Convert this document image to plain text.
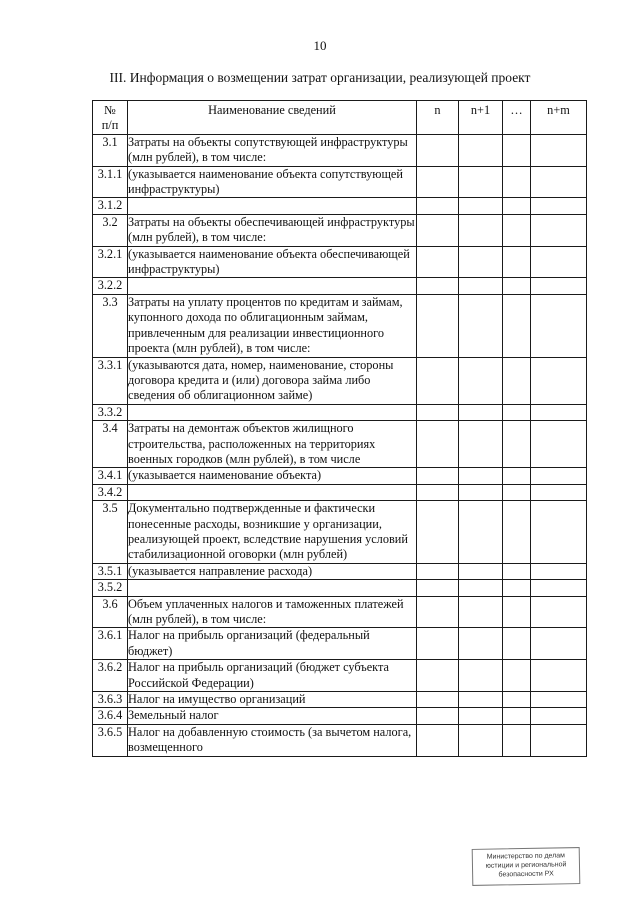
10
III. Информация о возмещении затрат организации, реализующей проект
№
п/п	Наименование сведений	n	n+1	…	n+m
3.1	Затраты на объекты сопутствующей инфраструктуры (млн рублей), в том числе:				
3.1.1	(указывается наименование объекта сопутствующей инфраструктуры)				
3.1.2					
3.2	Затраты на объекты обеспечивающей инфраструктуры (млн рублей), в том числе:				
3.2.1	(указывается наименование объекта обеспечивающей инфраструктуры)				
3.2.2					
3.3	Затраты на уплату процентов по кредитам и займам, купонного дохода по облигационным займам, привлеченным для реализации инвестиционного проекта (млн рублей), в том числе:				
3.3.1	(указываются дата, номер, наименование, стороны договора кредита и (или) договора займа либо сведения об облигационном займе)				
3.3.2					
3.4	Затраты на демонтаж объектов жилищного строительства, расположенных на территориях военных городков (млн рублей), в том числе				
3.4.1	(указывается наименование объекта)				
3.4.2					
3.5	Документально подтвержденные и фактически понесенные расходы, возникшие у организации, реализующей проект, вследствие нарушения условий стабилизационной оговорки (млн рублей)				
3.5.1	(указывается направление расхода)				
3.5.2					
3.6	Объем уплаченных налогов и таможенных платежей (млн рублей), в том числе:				
3.6.1	Налог на прибыль организаций (федеральный бюджет)				
3.6.2	Налог на прибыль организаций (бюджет субъекта Российской Федерации)				
3.6.3	Налог на имущество организаций				
3.6.4	Земельный налог				
3.6.5	Налог на добавленную стоимость (за вычетом налога, возмещенного				
Министерство по делам юстиции и региональной безопасности РХ
